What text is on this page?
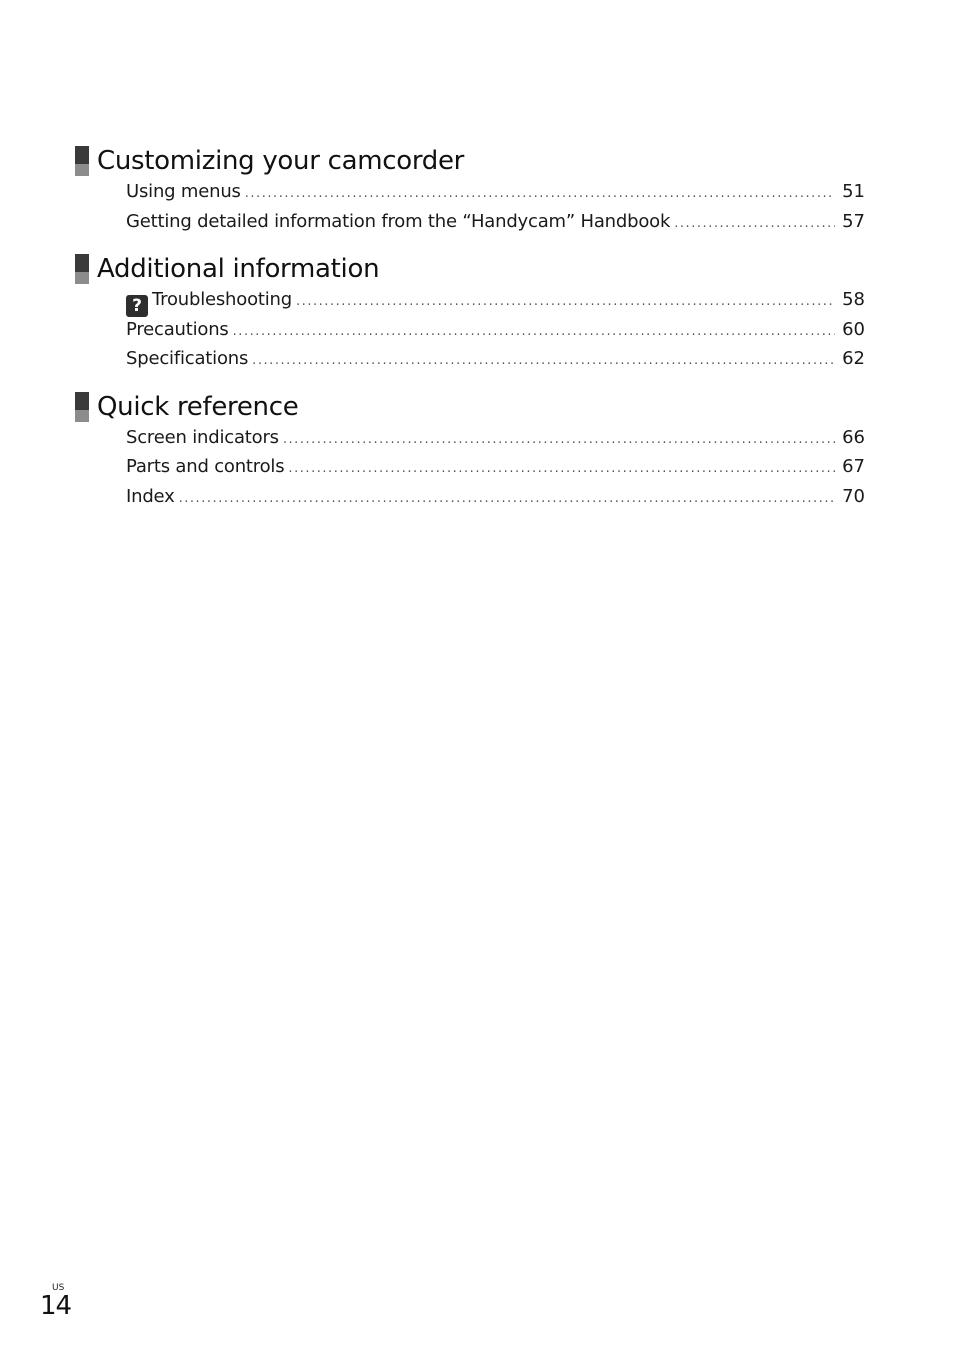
Customizing your camcorder
Using menus . . .	51
Getting detailed information from the “Handycam” Handbook . . .	57
Additional information
? Troubleshooting . . .	58
Precautions . . .	60
Specifications . . .	62
Quick reference
Screen indicators . . .	66
Parts and controls . . .	67
Index . . .	70
US
14
